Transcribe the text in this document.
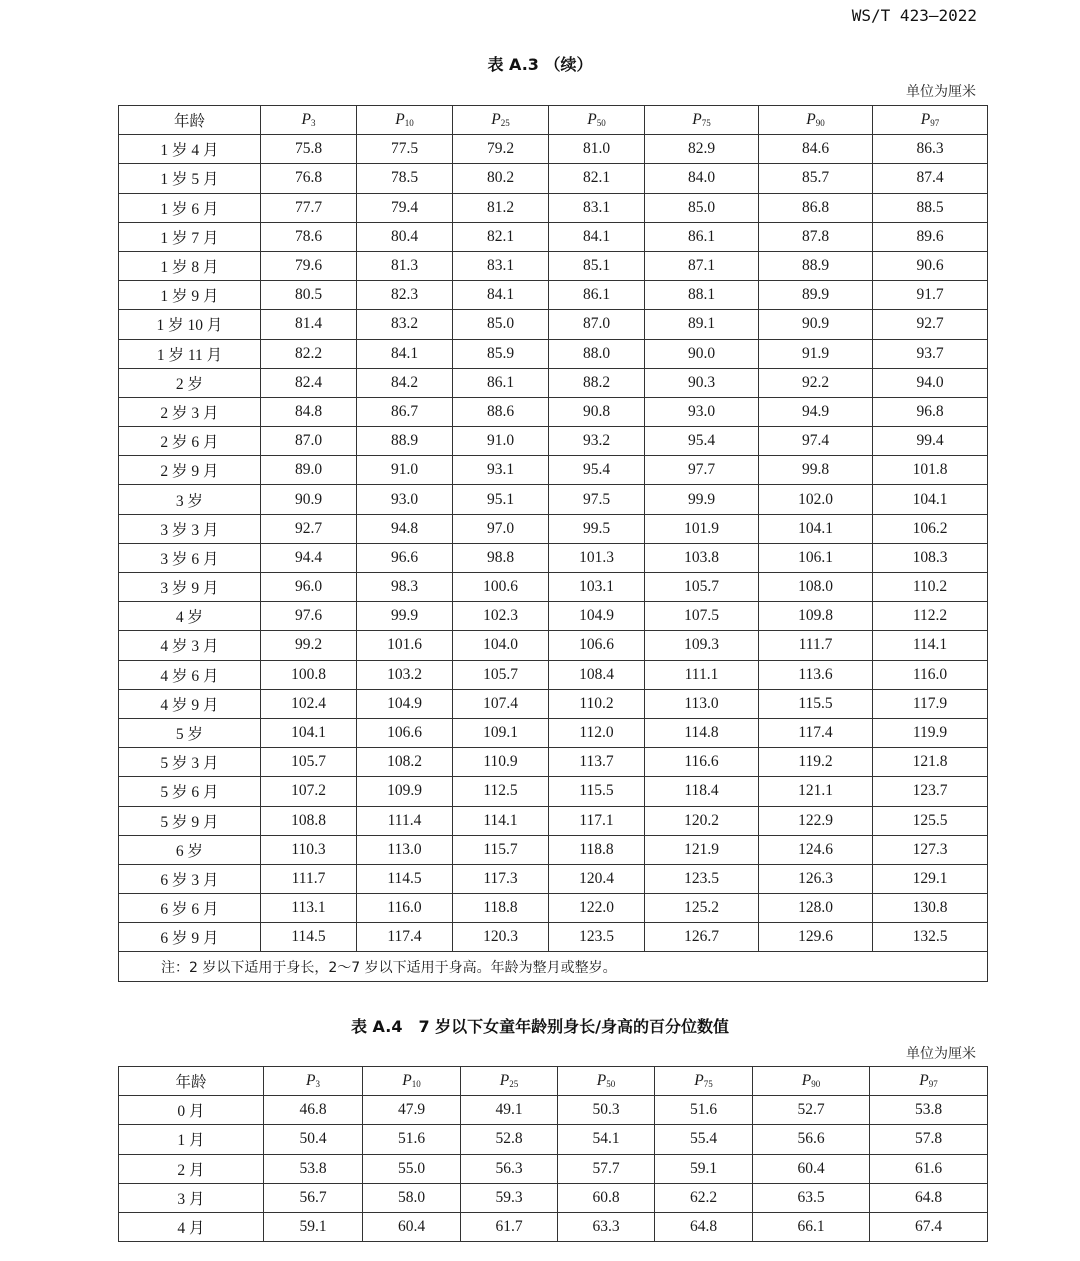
WS/T 423—2022
表 A.3 （续）
单位为厘米
年龄	$P_3$	$P_{10}$	$P_{25}$	$P_{50}$	$P_{75}$	$P_{90}$	$P_{97}$
1 岁 4 月	75.8	77.5	79.2	81.0	82.9	84.6	86.3
1 岁 5 月	76.8	78.5	80.2	82.1	84.0	85.7	87.4
1 岁 6 月	77.7	79.4	81.2	83.1	85.0	86.8	88.5
1 岁 7 月	78.6	80.4	82.1	84.1	86.1	87.8	89.6
1 岁 8 月	79.6	81.3	83.1	85.1	87.1	88.9	90.6
1 岁 9 月	80.5	82.3	84.1	86.1	88.1	89.9	91.7
1 岁 10 月	81.4	83.2	85.0	87.0	89.1	90.9	92.7
1 岁 11 月	82.2	84.1	85.9	88.0	90.0	91.9	93.7
2 岁	82.4	84.2	86.1	88.2	90.3	92.2	94.0
2 岁 3 月	84.8	86.7	88.6	90.8	93.0	94.9	96.8
2 岁 6 月	87.0	88.9	91.0	93.2	95.4	97.4	99.4
2 岁 9 月	89.0	91.0	93.1	95.4	97.7	99.8	101.8
3 岁	90.9	93.0	95.1	97.5	99.9	102.0	104.1
3 岁 3 月	92.7	94.8	97.0	99.5	101.9	104.1	106.2
3 岁 6 月	94.4	96.6	98.8	101.3	103.8	106.1	108.3
3 岁 9 月	96.0	98.3	100.6	103.1	105.7	108.0	110.2
4 岁	97.6	99.9	102.3	104.9	107.5	109.8	112.2
4 岁 3 月	99.2	101.6	104.0	106.6	109.3	111.7	114.1
4 岁 6 月	100.8	103.2	105.7	108.4	111.1	113.6	116.0
4 岁 9 月	102.4	104.9	107.4	110.2	113.0	115.5	117.9
5 岁	104.1	106.6	109.1	112.0	114.8	117.4	119.9
5 岁 3 月	105.7	108.2	110.9	113.7	116.6	119.2	121.8
5 岁 6 月	107.2	109.9	112.5	115.5	118.4	121.1	123.7
5 岁 9 月	108.8	111.4	114.1	117.1	120.2	122.9	125.5
6 岁	110.3	113.0	115.7	118.8	121.9	124.6	127.3
6 岁 3 月	111.7	114.5	117.3	120.4	123.5	126.3	129.1
6 岁 6 月	113.1	116.0	118.8	122.0	125.2	128.0	130.8
6 岁 9 月	114.5	117.4	120.3	123.5	126.7	129.6	132.5
注：2 岁以下适用于身长，2〜7 岁以下适用于身高。年龄为整月或整岁。							
表 A.4　7 岁以下女童年龄别身长/身高的百分位数值
单位为厘米
年龄	$P_3$	$P_{10}$	$P_{25}$	$P_{50}$	$P_{75}$	$P_{90}$	$P_{97}$
0 月	46.8	47.9	49.1	50.3	51.6	52.7	53.8
1 月	50.4	51.6	52.8	54.1	55.4	56.6	57.8
2 月	53.8	55.0	56.3	57.7	59.1	60.4	61.6
3 月	56.7	58.0	59.3	60.8	62.2	63.5	64.8
4 月	59.1	60.4	61.7	63.3	64.8	66.1	67.4
